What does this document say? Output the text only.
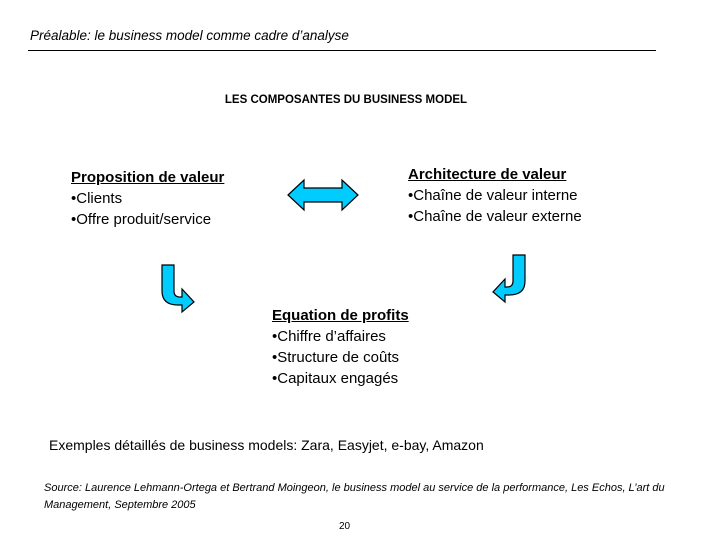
Préalable: le business model comme cadre d’analyse
LES COMPOSANTES DU BUSINESS MODEL
Proposition de valeur
•Clients
•Offre produit/service
Architecture de valeur
•Chaîne de valeur interne
•Chaîne de valeur externe
Equation de profits
•Chiffre d’affaires
•Structure de coûts
•Capitaux engagés
Exemples détaillés de business models: Zara, Easyjet, e-bay, Amazon
Source: Laurence Lehmann-Ortega et Bertrand Moingeon, le business model au service de la performance, Les Echos, L’art du Management, Septembre 2005
20
